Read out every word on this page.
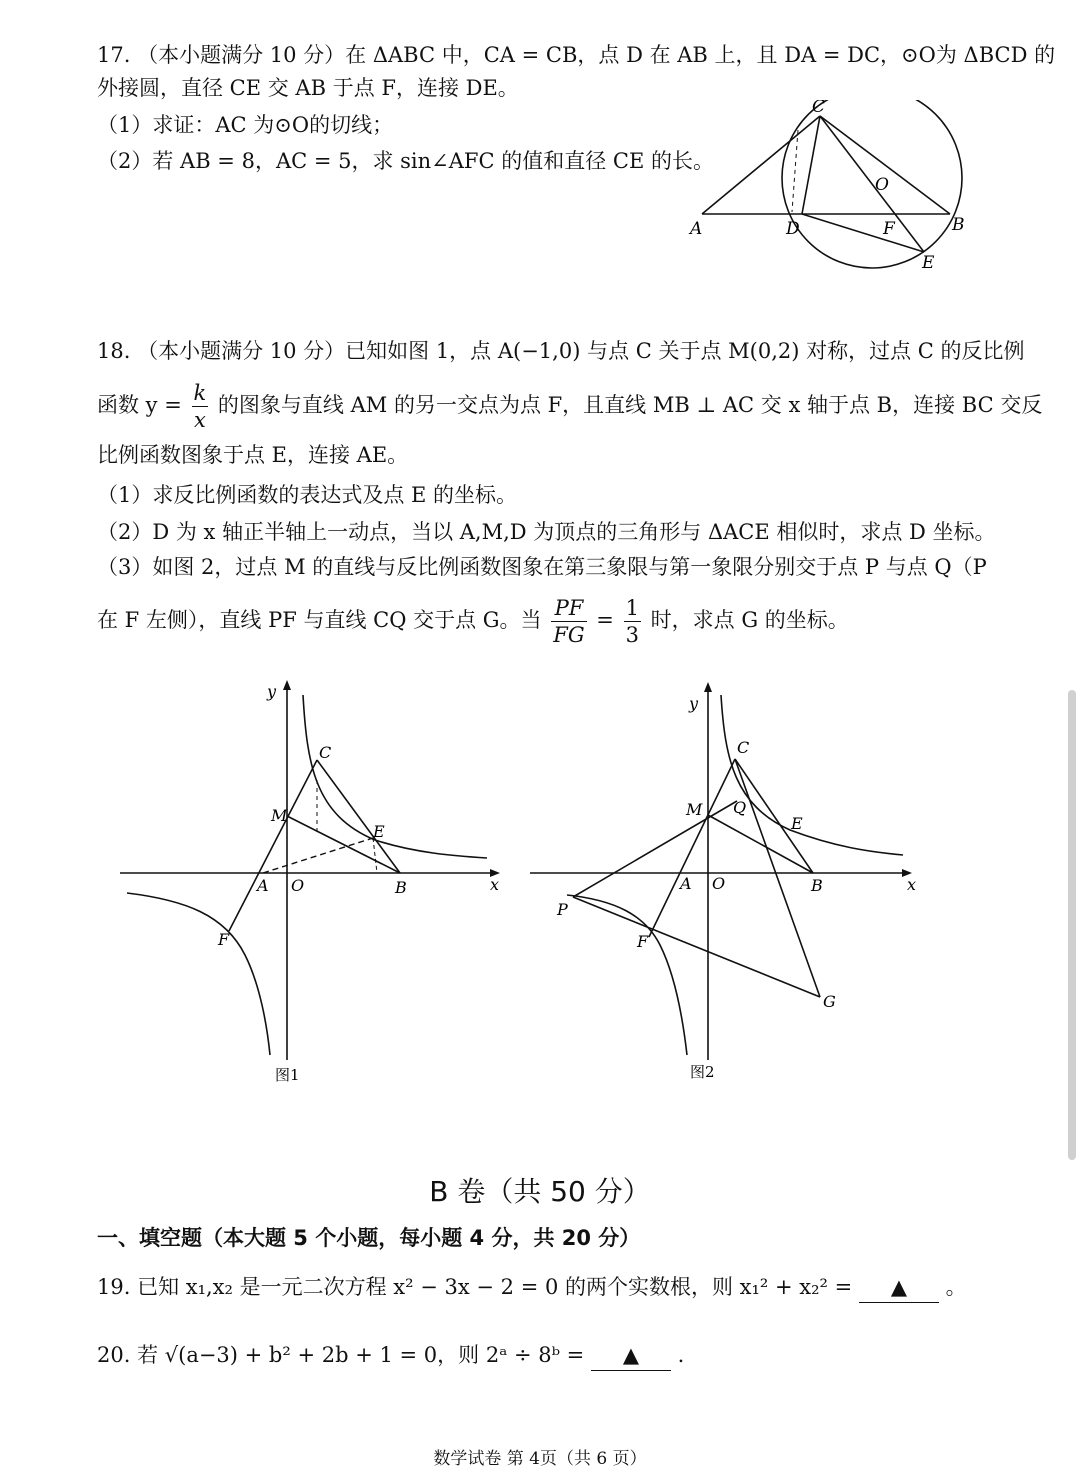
17. （本小题满分 10 分）在 ΔABC 中，CA = CB，点 D 在 AB 上，且 DA = DC，⊙O为 ΔBCD 的
外接圆，直径 CE 交 AB 于点 F，连接 DE。
（1）求证：AC 为⊙O的切线；
（2）若 AB = 8，AC = 5，求 sin∠AFC 的值和直径 CE 的长。
C
O
A	D	F	B
E
18. （本小题满分 10 分）已知如图 1，点 A(−1,0) 与点 C 关于点 M(0,2) 对称，过点 C 的反比例
函数 $y = \frac{k}{x}$ 的图象与直线 AM 的另一交点为点 F，且直线 MB ⊥ AC 交 x 轴于点 B，连接 BC 交反
比例函数图象于点 E，连接 AE。
（1）求反比例函数的表达式及点 E 的坐标。
（2）D 为 x 轴正半轴上一动点，当以 A,M,D 为顶点的三角形与 ΔACE 相似时，求点 D 坐标。
（3）如图 2，过点 M 的直线与反比例函数图象在第三象限与第一象限分别交于点 P 与点 Q（P
在 F 左侧），直线 PF 与直线 CQ 交于点 G。当 $\frac{PF}{FG} = \frac{1}{3}$ 时，求点 G 的坐标。
y
x
C
M
E
A O	B
F
图1
y
x
C
M Q
E
A O	B
P
F
G
图2
B 卷（共 50 分）
一、填空题（本大题 5 个小题，每小题 4 分，共 20 分）
19. 已知 x₁,x₂ 是一元二次方程 x² − 3x − 2 = 0 的两个实数根，则 x₁² + x₂² = ▲ 。
20. 若 √(a−3) + b² + 2b + 1 = 0，则 2ᵃ ÷ 8ᵇ = ▲ .
数学试卷 第 4页（共 6 页）
